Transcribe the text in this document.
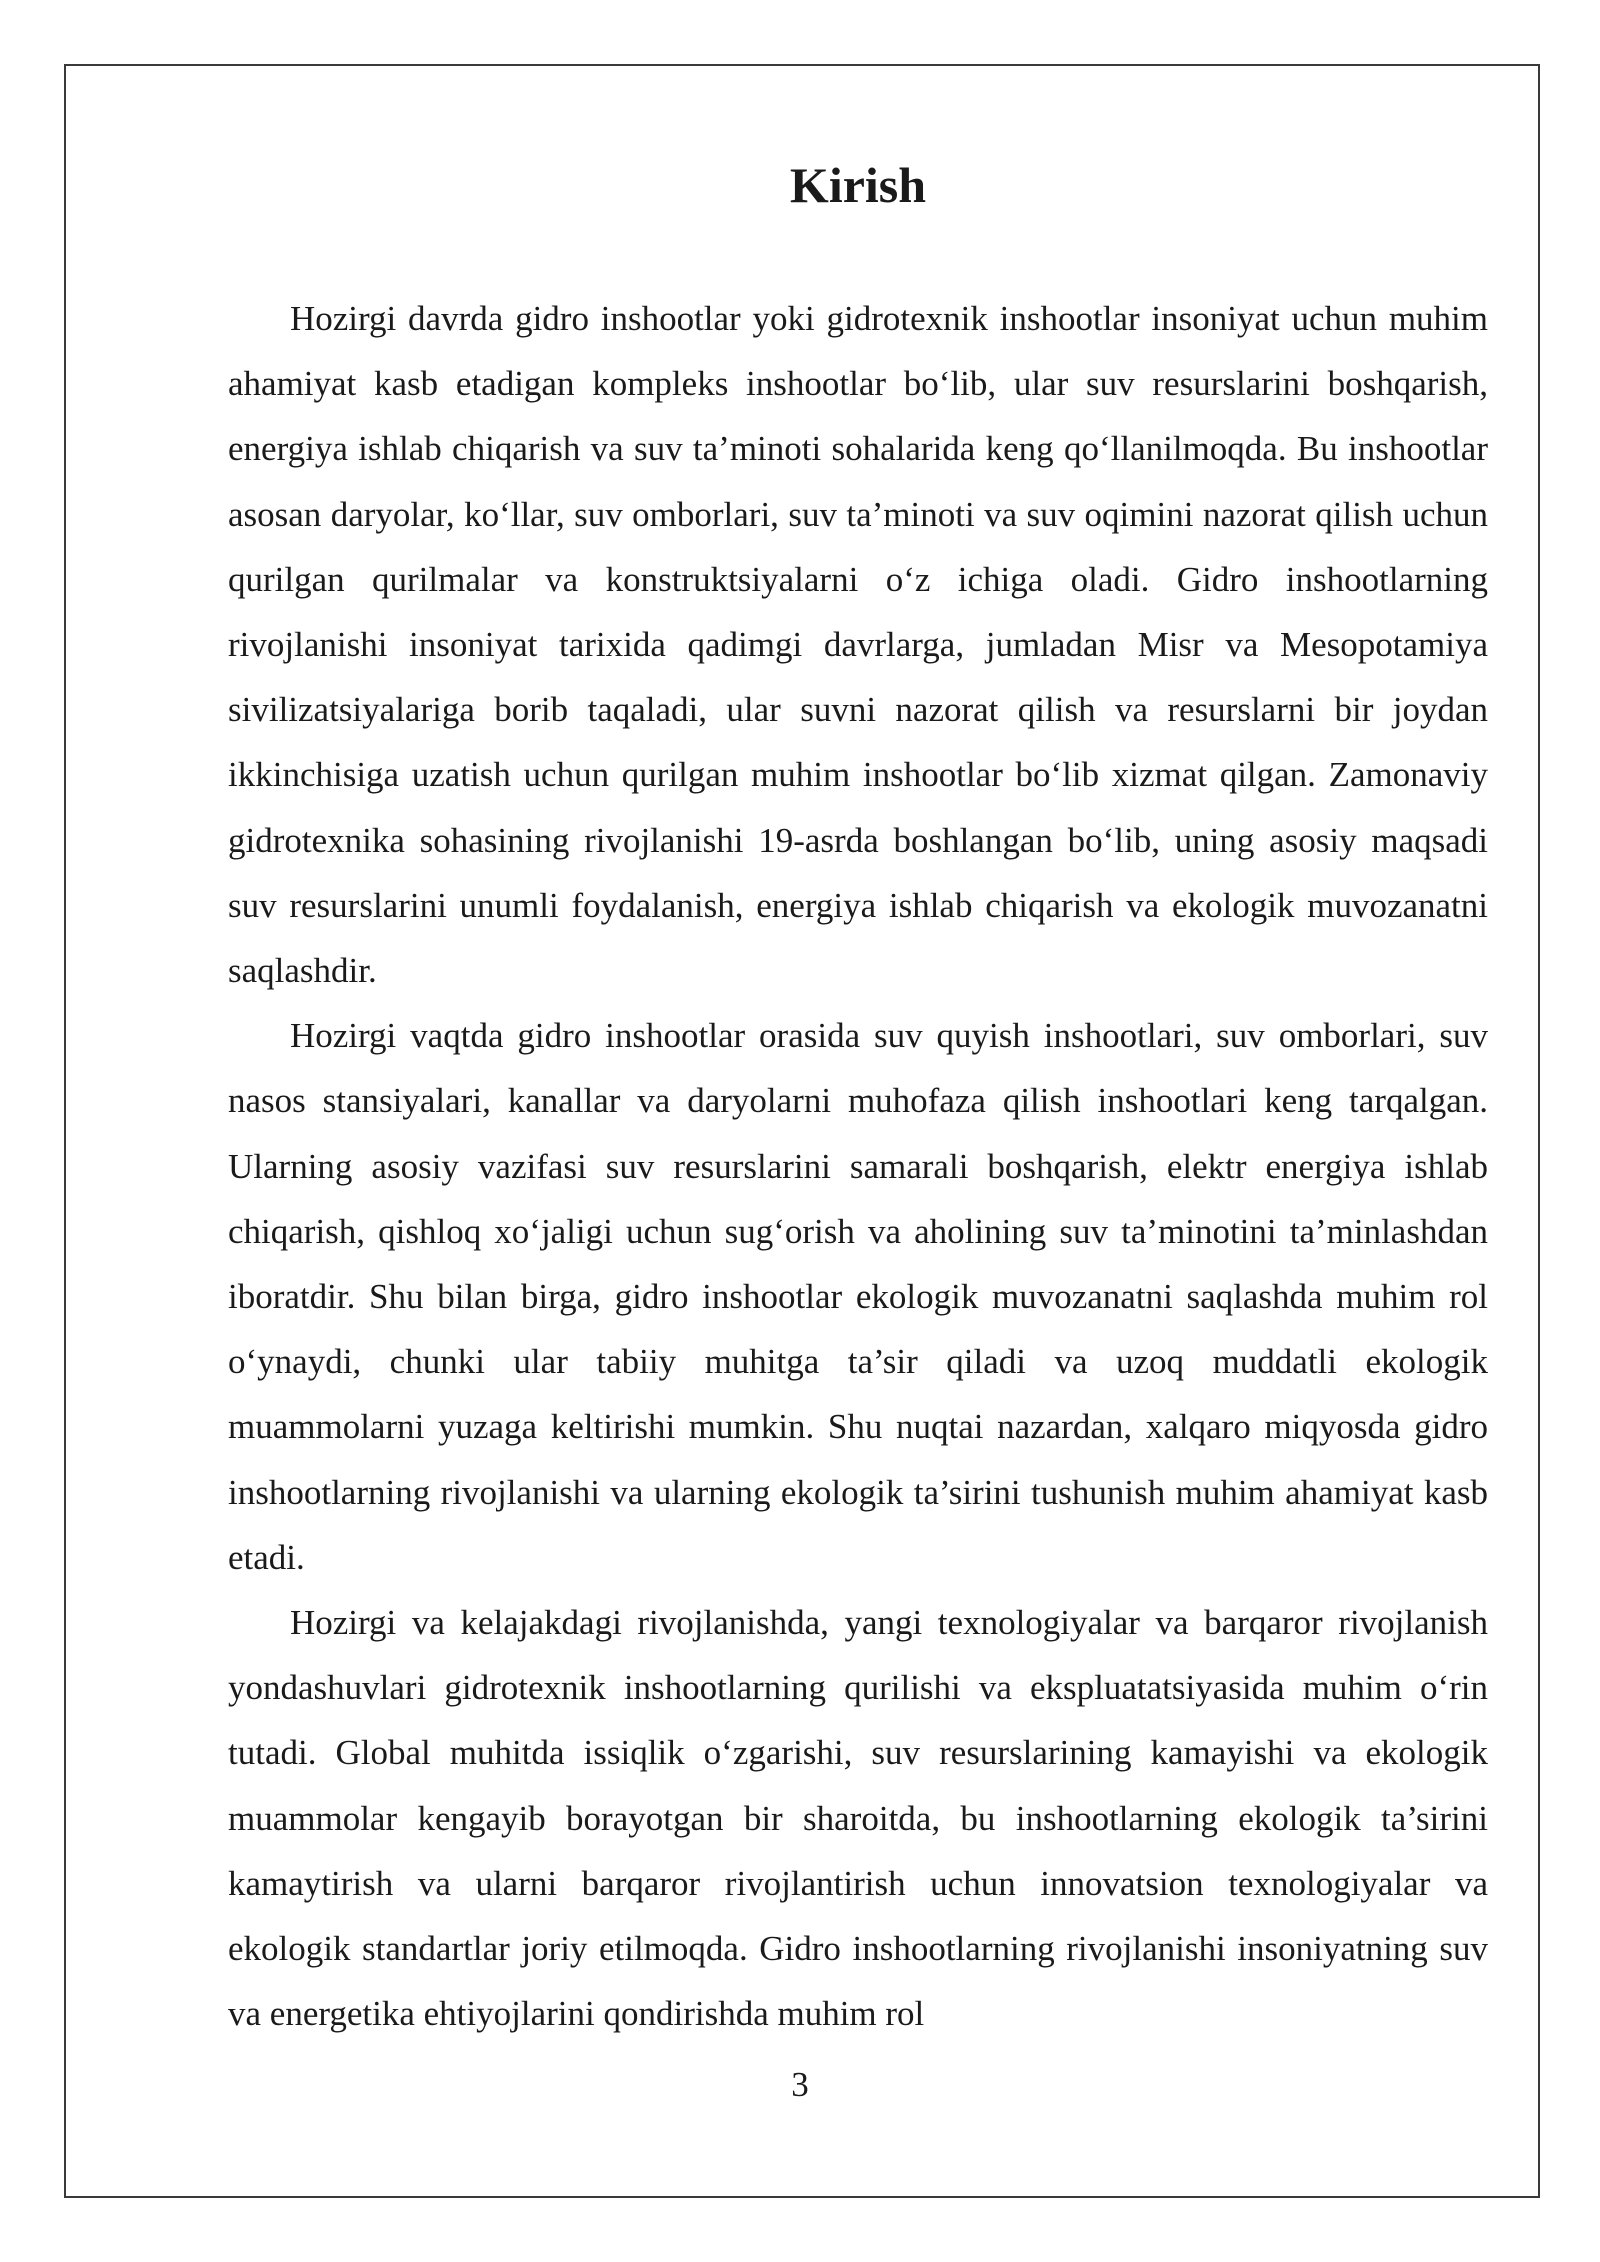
Kirish

Hozirgi davrda gidro inshootlar yoki gidrotexnik inshootlar insoniyat uchun muhim ahamiyat kasb etadigan kompleks inshootlar bo‘lib, ular suv resurslarini boshqarish, energiya ishlab chiqarish va suv ta’minoti sohalarida keng qo‘llanilmoqda. Bu inshootlar asosan daryolar, ko‘llar, suv omborlari, suv ta’minoti va suv oqimini nazorat qilish uchun qurilgan qurilmalar va konstruktsiyalarni o‘z ichiga oladi. Gidro inshootlarning rivojlanishi insoniyat tarixida qadimgi davrlarga, jumladan Misr va Mesopotamiya sivilizatsiyalariga borib taqaladi, ular suvni nazorat qilish va resurslarni bir joydan ikkinchisiga uzatish uchun qurilgan muhim inshootlar bo‘lib xizmat qilgan. Zamonaviy gidrotexnika sohasining rivojlanishi 19-asrda boshlangan bo‘lib, uning asosiy maqsadi suv resurslarini unumli foydalanish, energiya ishlab chiqarish va ekologik muvozanatni saqlashdir.

Hozirgi vaqtda gidro inshootlar orasida suv quyish inshootlari, suv omborlari, suv nasos stansiyalari, kanallar va daryolarni muhofaza qilish inshootlari keng tarqalgan. Ularning asosiy vazifasi suv resurslarini samarali boshqarish, elektr energiya ishlab chiqarish, qishloq xo‘jaligi uchun sug‘orish va aholining suv ta’minotini ta’minlashdan iboratdir. Shu bilan birga, gidro inshootlar ekologik muvozanatni saqlashda muhim rol o‘ynaydi, chunki ular tabiiy muhitga ta’sir qiladi va uzoq muddatli ekologik muammolarni yuzaga keltirishi mumkin. Shu nuqtai nazardan, xalqaro miqyosda gidro inshootlarning rivojlanishi va ularning ekologik ta’sirini tushunish muhim ahamiyat kasb etadi.

Hozirgi va kelajakdagi rivojlanishda, yangi texnologiyalar va barqaror rivojlanish yondashuvlari gidrotexnik inshootlarning qurilishi va ekspluatatsiyasida muhim o‘rin tutadi. Global muhitda issiqlik o‘zgarishi, suv resurslarining kamayishi va ekologik muammolar kengayib borayotgan bir sharoitda, bu inshootlarning ekologik ta’sirini kamaytirish va ularni barqaror rivojlantirish uchun innovatsion texnologiyalar va ekologik standartlar joriy etilmoqda. Gidro inshootlarning rivojlanishi insoniyatning suv va energetika ehtiyojlarini qondirishda muhim rol

3
